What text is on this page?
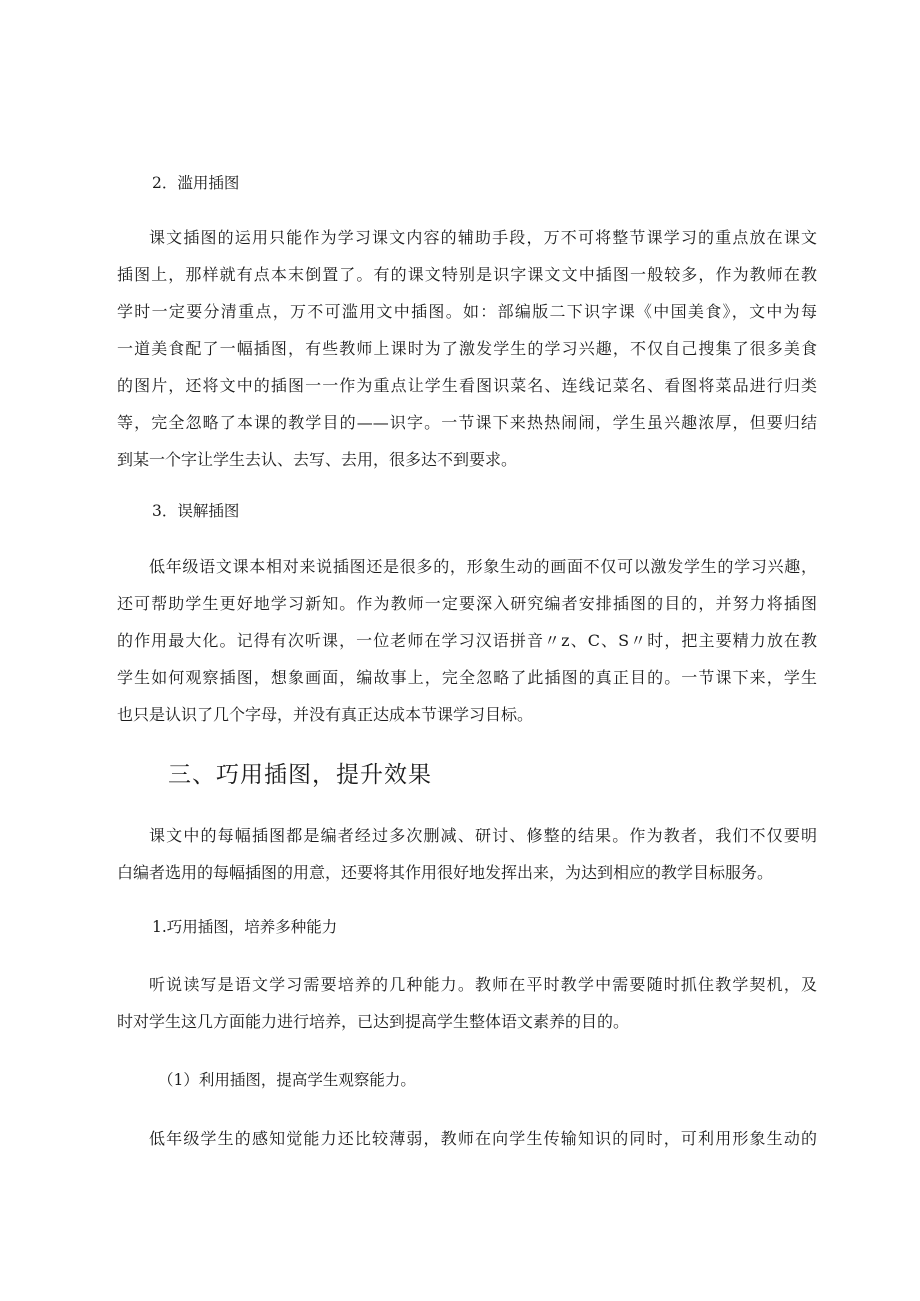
2．滥用插图
课文插图的运用只能作为学习课文内容的辅助手段，万不可将整节课学习的重点放在课文
插图上，那样就有点本末倒置了。有的课文特别是识字课文文中插图一般较多，作为教师在教
学时一定要分清重点，万不可滥用文中插图。如：部编版二下识字课《中国美食》，文中为每
一道美食配了一幅插图，有些教师上课时为了激发学生的学习兴趣，不仅自己搜集了很多美食
的图片，还将文中的插图一一作为重点让学生看图识菜名、连线记菜名、看图将菜品进行归类
等，完全忽略了本课的教学目的——识字。一节课下来热热闹闹，学生虽兴趣浓厚，但要归结
到某一个字让学生去认、去写、去用，很多达不到要求。
3．误解插图
低年级语文课本相对来说插图还是很多的，形象生动的画面不仅可以激发学生的学习兴趣，
还可帮助学生更好地学习新知。作为教师一定要深入研究编者安排插图的目的，并努力将插图
的作用最大化。记得有次听课，一位老师在学习汉语拼音〃z、C、S〃时，把主要精力放在教
学生如何观察插图，想象画面，编故事上，完全忽略了此插图的真正目的。一节课下来，学生
也只是认识了几个字母，并没有真正达成本节课学习目标。
三、巧用插图，提升效果
课文中的每幅插图都是编者经过多次删减、研讨、修整的结果。作为教者，我们不仅要明
白编者选用的每幅插图的用意，还要将其作用很好地发挥出来，为达到相应的教学目标服务。
1.巧用插图，培养多种能力
听说读写是语文学习需要培养的几种能力。教师在平时教学中需要随时抓住教学契机，及
时对学生这几方面能力进行培养，已达到提高学生整体语文素养的目的。
（1）利用插图，提高学生观察能力。
低年级学生的感知觉能力还比较薄弱，教师在向学生传输知识的同时，可利用形象生动的
